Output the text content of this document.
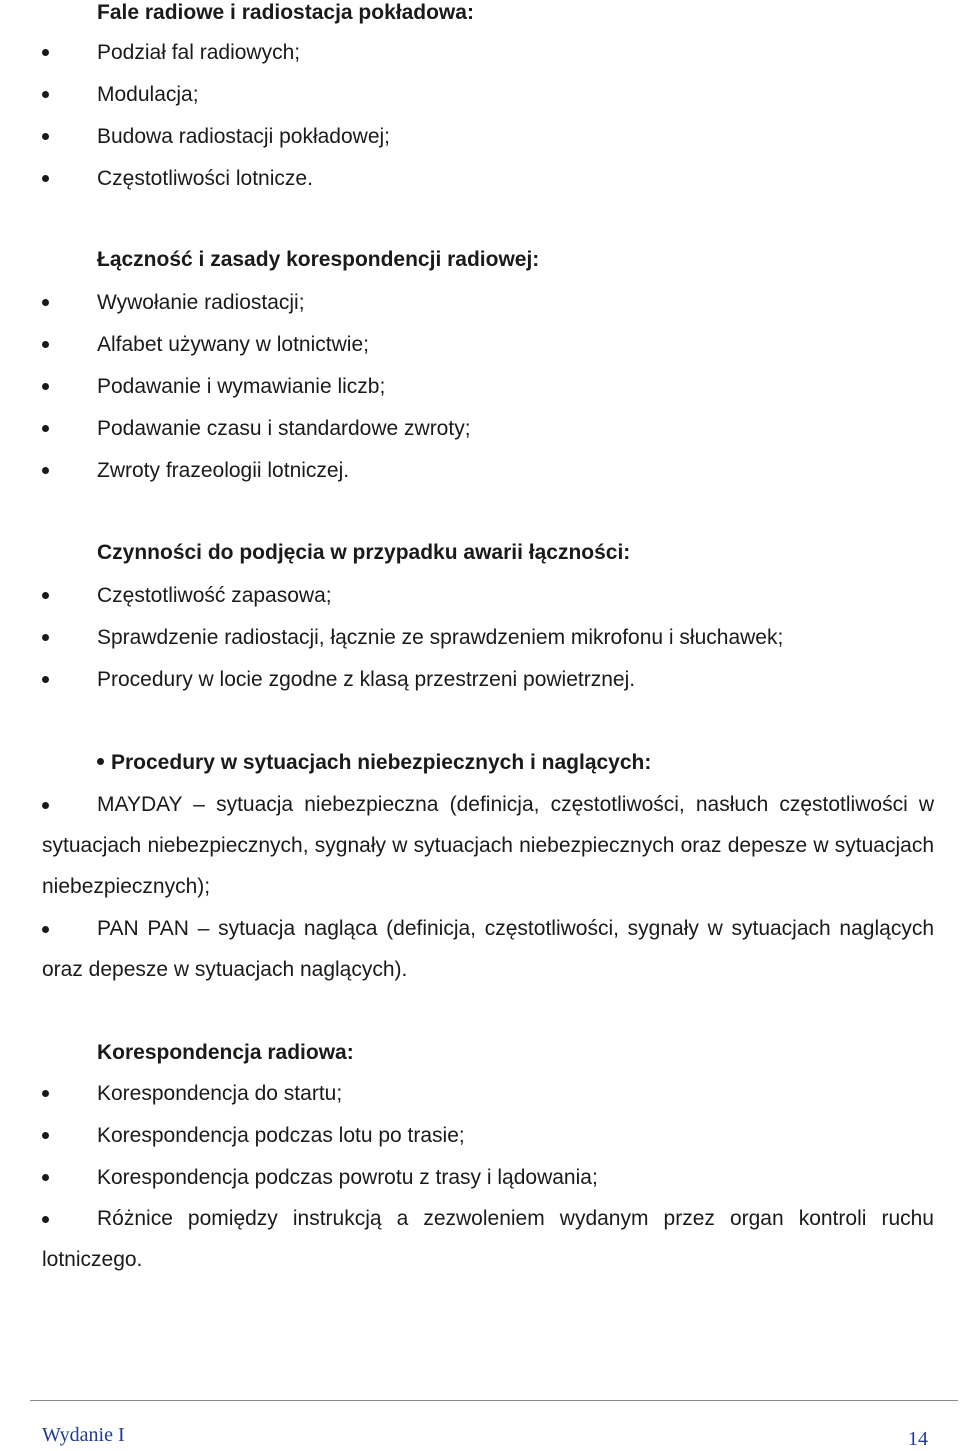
Fale radiowe i radiostacja pokładowa:
Podział fal radiowych;
Modulacja;
Budowa radiostacji pokładowej;
Częstotliwości lotnicze.
Łączność i zasady korespondencji radiowej:
Wywołanie radiostacji;
Alfabet używany w lotnictwie;
Podawanie i wymawianie liczb;
Podawanie czasu i standardowe zwroty;
Zwroty frazeologii lotniczej.
Czynności do podjęcia w przypadku awarii łączności:
Częstotliwość zapasowa;
Sprawdzenie radiostacji, łącznie ze sprawdzeniem mikrofonu i słuchawek;
Procedury w locie zgodne z klasą przestrzeni powietrznej.
Procedury w sytuacjach niebezpiecznych i naglących:
MAYDAY – sytuacja niebezpieczna (definicja, częstotliwości, nasłuch częstotliwości w sytuacjach niebezpiecznych, sygnały w sytuacjach niebezpiecznych oraz depesze w sytuacjach niebezpiecznych);
PAN PAN – sytuacja nagląca (definicja, częstotliwości, sygnały w sytuacjach naglących oraz depesze w sytuacjach naglących).
Korespondencja radiowa:
Korespondencja do startu;
Korespondencja podczas lotu po trasie;
Korespondencja podczas powrotu z trasy i lądowania;
Różnice pomiędzy instrukcją a zezwoleniem wydanym przez organ kontroli ruchu lotniczego.
Wydanie I	14
